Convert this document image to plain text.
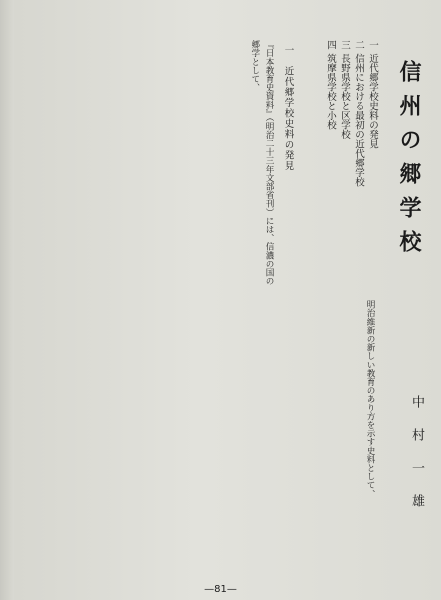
信州の郷学校
一近代郷学校史料の発見
二信州における最初の近代郷学校
三長野県学校と区学校
四筑摩県学校と小校
一　近代郷学校史料の発見
『日本教育史資料』（明治二十三年文部省刊）には、信濃の国の郷学として、
明治維新の新しい教育のあり方を示す史料として、	中村一雄
—81—
